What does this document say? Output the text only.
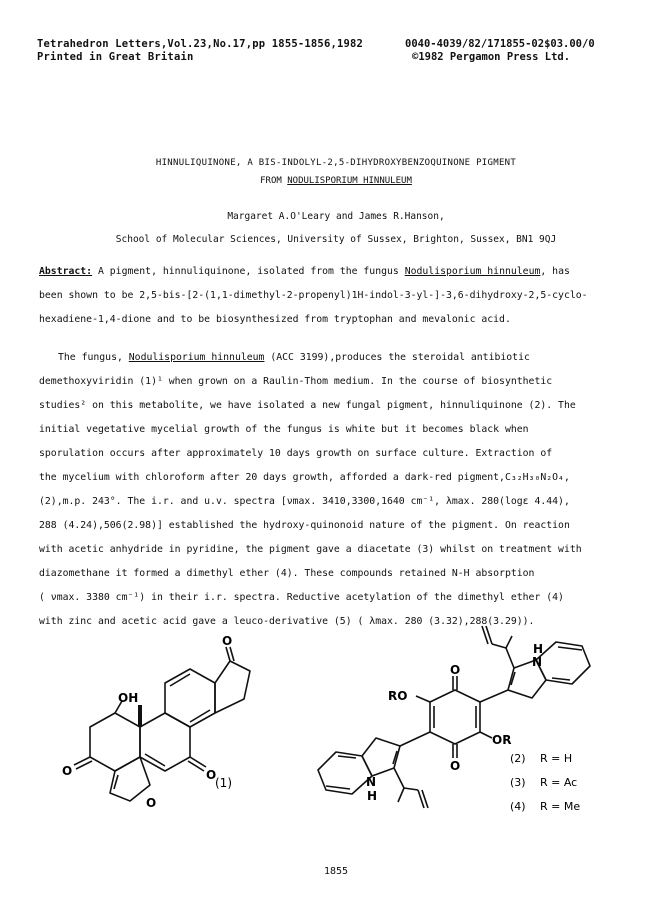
Tetrahedron Letters,Vol.23,No.17,pp 1855-1856,1982	0040-4039/82/171855-02$03.00/0
Printed in Great Britain	©1982 Pergamon Press Ltd.
HINNULIQUINONE, A BIS-INDOLYL-2,5-DIHYDROXYBENZOQUINONE PIGMENT
FROM NODULISPORIUM HINNULEUM
Margaret A.O'Leary and James R.Hanson,
School of Molecular Sciences, University of Sussex, Brighton, Sussex, BN1 9QJ
Abstract: A pigment, hinnuliquinone, isolated from the fungus Nodulisporium hinnuleum, has
been shown to be 2,5-bis-[2-(1,1-dimethyl-2-propenyl)1H-indol-3-yl-]-3,6-dihydroxy-2,5-cyclo-
hexadiene-1,4-dione and to be biosynthesized from tryptophan and mevalonic acid.
The fungus, Nodulisporium hinnuleum (ACC 3199),produces the steroidal antibiotic
demethoxyviridin (1)¹ when grown on a Raulin-Thom medium. In the course of biosynthetic
studies² on this metabolite, we have isolated a new fungal pigment, hinnuliquinone (2). The
initial vegetative mycelial growth of the fungus is white but it becomes black when
sporulation occurs after approximately 10 days growth on surface culture. Extraction of
the mycelium with chloroform after 20 days growth, afforded a dark-red pigment,C₃₂H₃₀N₂O₄,
(2),m.p. 243°. The i.r. and u.v. spectra [νmax. 3410,3300,1640 cm⁻¹, λmax. 280(logε 4.44),
288 (4.24),506(2.98)] established the hydroxy-quinonoid nature of the pigment. On reaction
with acetic anhydride in pyridine, the pigment gave a diacetate (3) whilst on treatment with
diazomethane it formed a dimethyl ether (4). These compounds retained N-H absorption
( νmax. 3380 cm⁻¹) in their i.r. spectra. Reductive acetylation of the dimethyl ether (4)
with zinc and acetic acid gave a leuco-derivative (5) ( λmax. 280 (3.32),288(3.29)).
OH
O
O	O
O
(1)
RO
OR
O
O
N
H
N
H
(2) R = H
(3) R = Ac
(4) R = Me
1855
